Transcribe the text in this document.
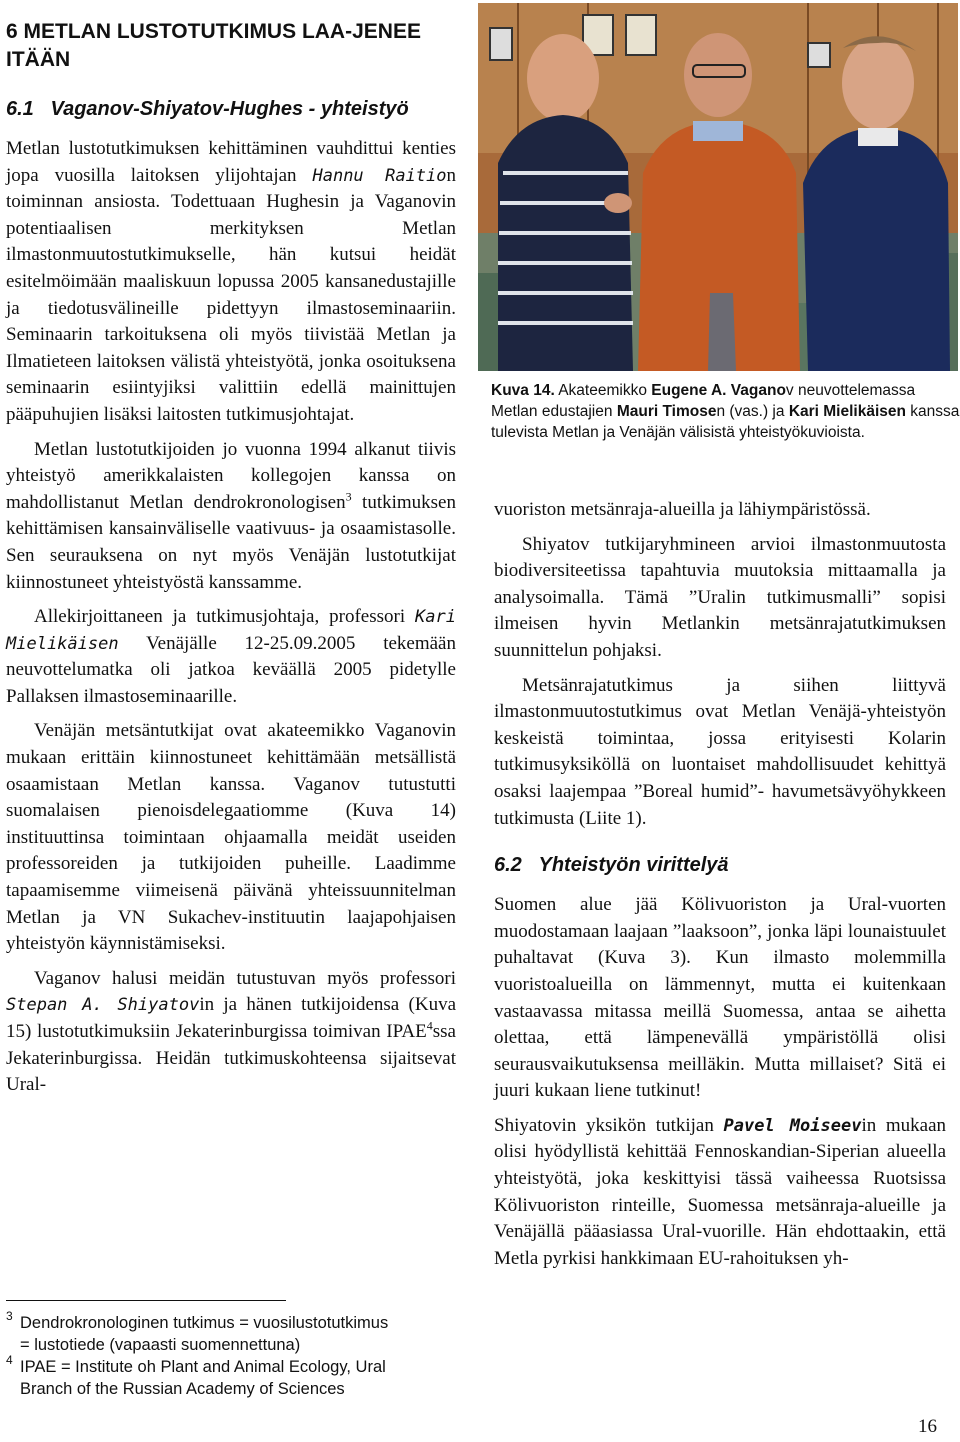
6 METLAN LUSTOTUTKIMUS LAA-JENEE ITÄÄN
6.1 Vaganov-Shiyatov-Hughes - yhteistyö

Metlan lustotutkimuksen kehittäminen vauhdittui kenties jopa vuosilla laitoksen ylijohtajan Hannu Raition toiminnan ansiosta. Todettuaan Hughesin ja Vaganovin potentiaalisen merkityksen Metlan ilmastonmuutostutkimukselle, hän kutsui heidät esitelmöimään maaliskuun lopussa 2005 kansanedustajille ja tiedotusvälineille pidettyyn ilmastoseminaariin. Seminaarin tarkoituksena oli myös tiivistää Metlan ja Ilmatieteen laitoksen välistä yhteistyötä, jonka osoituksena seminaarin esiintyjiksi valittiin edellä mainittujen pääpuhujien lisäksi laitosten tutkimusjohtajat.

Metlan lustotutkijoiden jo vuonna 1994 alkanut tiivis yhteistyö amerikkalaisten kollegojen kanssa on mahdollistanut Metlan dendrokronologisen$^3$ tutkimuksen kehittämisen kansainväliselle vaativuus- ja osaamistasolle. Sen seurauksena on nyt myös Venäjän lustotutkijat kiinnostuneet yhteistyöstä kanssamme.

Allekirjoittaneen ja tutkimusjohtaja, professori Kari Mielikäisen Venäjälle 12-25.09.2005 tekemään neuvottelumatka oli jatkoa keväällä 2005 pidetylle Pallaksen ilmastoseminaarille.

Venäjän metsäntutkijat ovat akateemikko Vaganovin mukaan erittäin kiinnostuneet kehittämään metsällistä osaamistaan Metlan kanssa. Vaganov tutustutti suomalaisen pienoisdelegaatiomme (Kuva 14) instituuttinsa toimintaan ohjaamalla meidät useiden professoreiden ja tutkijoiden puheille. Laadimme tapaamisemme viimeisenä päivänä yhteissuunnitelman Metlan ja VN Sukachev-instituutin laajapohjaisen yhteistyön käynnistämiseksi.

Vaganov halusi meidän tutustuvan myös professori Stepan A. Shiyatovin ja hänen tutkijoidensa (Kuva 15) lustotutkimuksiin Jekaterinburgissa toimivan IPAE$^4$ssa Jekaterinburgissa. Heidän tutkimuskohteensa sijaitsevat Ural-

3 Dendrokronologinen tutkimus = vuosilustotutkimus
= lustotiede (vapaasti suomennettuna)
4 IPAE = Institute oh Plant and Animal Ecology, Ural
Branch of the Russian Academy of Sciences
Kuva 14. Akateemikko Eugene A. Vaganov neuvottelemassa Metlan edustajien Mauri Timosen (vas.) ja Kari Mielikäisen kanssa tulevista Metlan ja Venäjän välisistä yhteistyökuvioista.

vuoriston metsänraja-alueilla ja lähiympäristössä.

Shiyatov tutkijaryhmineen arvioi ilmastonmuutosta biodiversiteetissa tapahtuvia muutoksia mittaamalla ja analysoimalla. Tämä ”Uralin tutkimusmalli” sopisi ilmeisen hyvin Metlankin metsänrajatutkimuksen suunnittelun pohjaksi.

Metsänrajatutkimus ja siihen liittyvä ilmastonmuutostutkimus ovat Metlan Venäjä-yhteistyön keskeistä toimintaa, jossa erityisesti Kolarin tutkimusyksiköllä on luontaiset mahdollisuudet kehittyä osaksi laajempaa ”Boreal humid”- havumetsävyöhykkeen tutkimusta (Liite 1).

6.2 Yhteistyön virittelyä

Suomen alue jää Kölivuoriston ja Ural-vuorten muodostamaan laajaan ”laaksoon”, jonka läpi lounaistuulet puhaltavat (Kuva 3). Kun ilmasto molemmilla vuoristoalueilla on lämmennyt, mutta ei kuitenkaan vastaavassa mitassa meillä Suomessa, antaa se aihetta olettaa, että lämpenevällä ympäristöllä olisi seurausvaikutuksensa meilläkin. Mutta millaiset? Sitä ei juuri kukaan liene tutkinut!

Shiyatovin yksikön tutkijan Pavel Moiseevin mukaan olisi hyödyllistä kehittää Fennoskandian-Siperian alueella yhteistyötä, joka keskittyisi tässä vaiheessa Ruotsissa Kölivuoriston rinteille, Suomessa metsänraja-alueille ja Venäjällä pääasiassa Ural-vuorille. Hän ehdottaakin, että Metla pyrkisi hankkimaan EU-rahoituksen yh-

16
